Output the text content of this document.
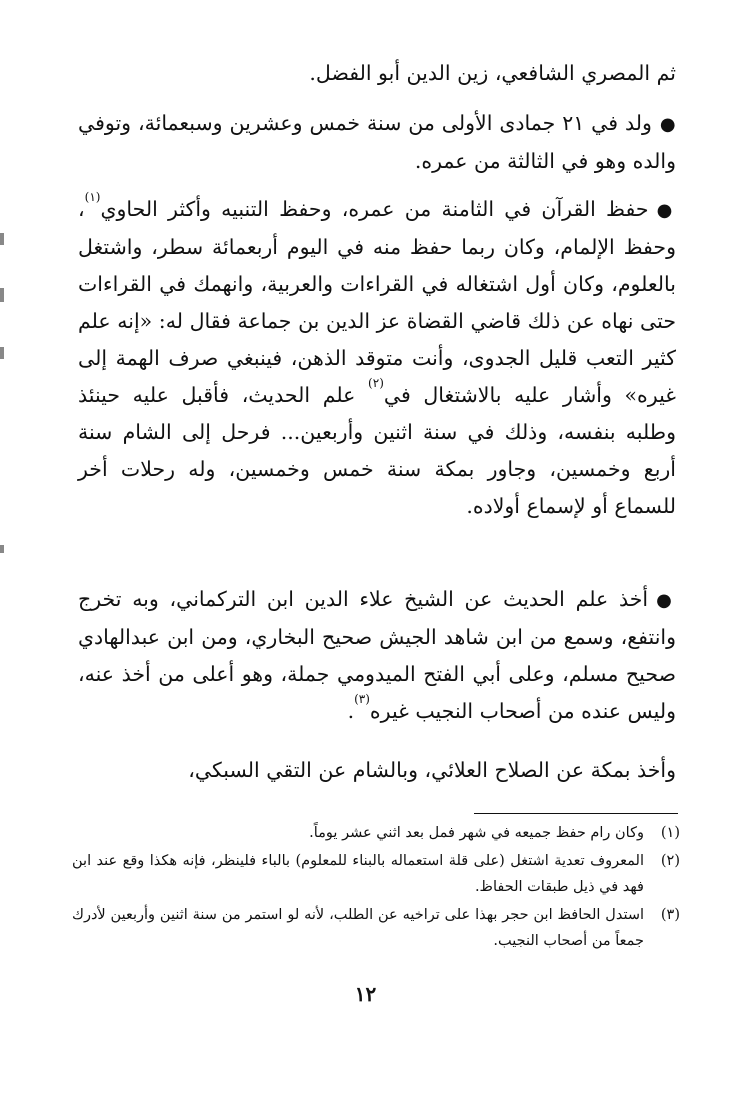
ثم المصري الشافعي، زين الدين أبو الفضل.

●ولد في ٢١ جمادى الأولى من سنة خمس وعشرين وسبعمائة، وتوفي والده وهو في الثالثة من عمره.

●حفظ القرآن في الثامنة من عمره، وحفظ التنبيه وأكثر الحاوي$^{(١)}$، وحفظ الإلمام، وكان ربما حفظ منه في اليوم أربعمائة سطر، واشتغل بالعلوم، وكان أول اشتغاله في القراءات والعربية، وانهمك في القراءات حتى نهاه عن ذلك قاضي القضاة عز الدين بن جماعة فقال له: «إنه علم كثير التعب قليل الجدوى، وأنت متوقد الذهن، فينبغي صرف الهمة إلى غيره» وأشار عليه بالاشتغال في$^{(٢)}$ علم الحديث، فأقبل عليه حينئذ وطلبه بنفسه، وذلك في سنة اثنين وأربعين... فرحل إلى الشام سنة أربع وخمسين، وجاور بمكة سنة خمس وخمسين، وله رحلات أخر للسماع أو لإسماع أولاده.

●أخذ علم الحديث عن الشيخ علاء الدين ابن التركماني، وبه تخرج وانتفع، وسمع من ابن شاهد الجيش صحيح البخاري، ومن ابن عبدالهادي صحيح مسلم، وعلى أبي الفتح الميدومي جملة، وهو أعلى من أخذ عنه، وليس عنده من أصحاب النجيب غيره$^{(٣)}$.

وأخذ بمكة عن الصلاح العلائي، وبالشام عن التقي السبكي،

(١)
وكان رام حفظ جميعه في شهر فمل بعد اثني عشر يوماً.
(٢)
المعروف تعدية اشتغل (على قلة استعماله بالبناء للمعلوم) بالباء فلينظر، فإنه هكذا وقع عند ابن فهد في ذيل طبقات الحفاظ.
(٣)
استدل الحافظ ابن حجر بهذا على تراخيه عن الطلب، لأنه لو استمر من سنة اثنين وأربعين لأدرك جمعاً من أصحاب النجيب.
١٢
